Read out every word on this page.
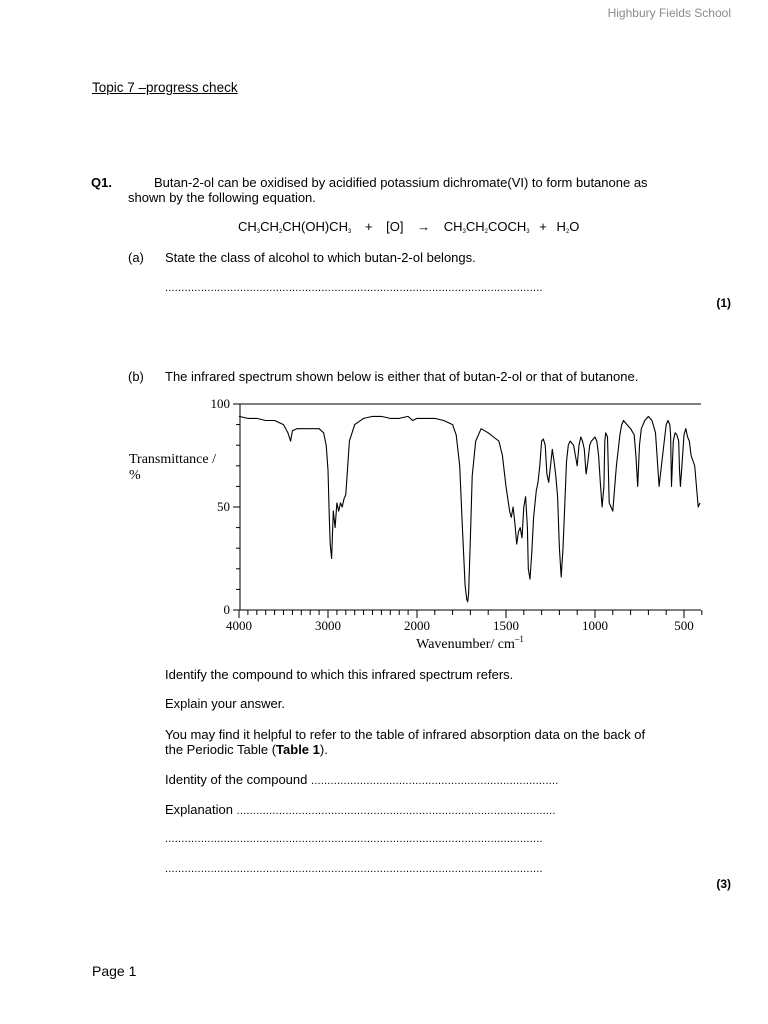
Highbury Fields School
Topic 7 –progress check
Q1.	Butan-2-ol can be oxidised by acidified potassium dichromate(VI) to form butanone as
shown by the following equation.
$CH_3CH_2CH(OH)CH_3 + [O]$ → $CH_3CH_2COCH_3 + H_2O$
(a) State the class of alcohol to which butan-2-ol belongs.
....................................................................................................................
(1)
(b) The infrared spectrum shown below is either that of butan-2-ol or that of butanone.
0
50
100
4000	3000	2000	1500	1000	500
Transmittance /
%
Wavenumber/ $cm^{-1}$
Identify the compound to which this infrared spectrum refers.
Explain your answer.
You may find it helpful to refer to the table of infrared absorption data on the back of
the Periodic Table (Table 1).
Identity of the compound ............................................................................
Explanation ..................................................................................................
....................................................................................................................
....................................................................................................................
(3)
Page 1
